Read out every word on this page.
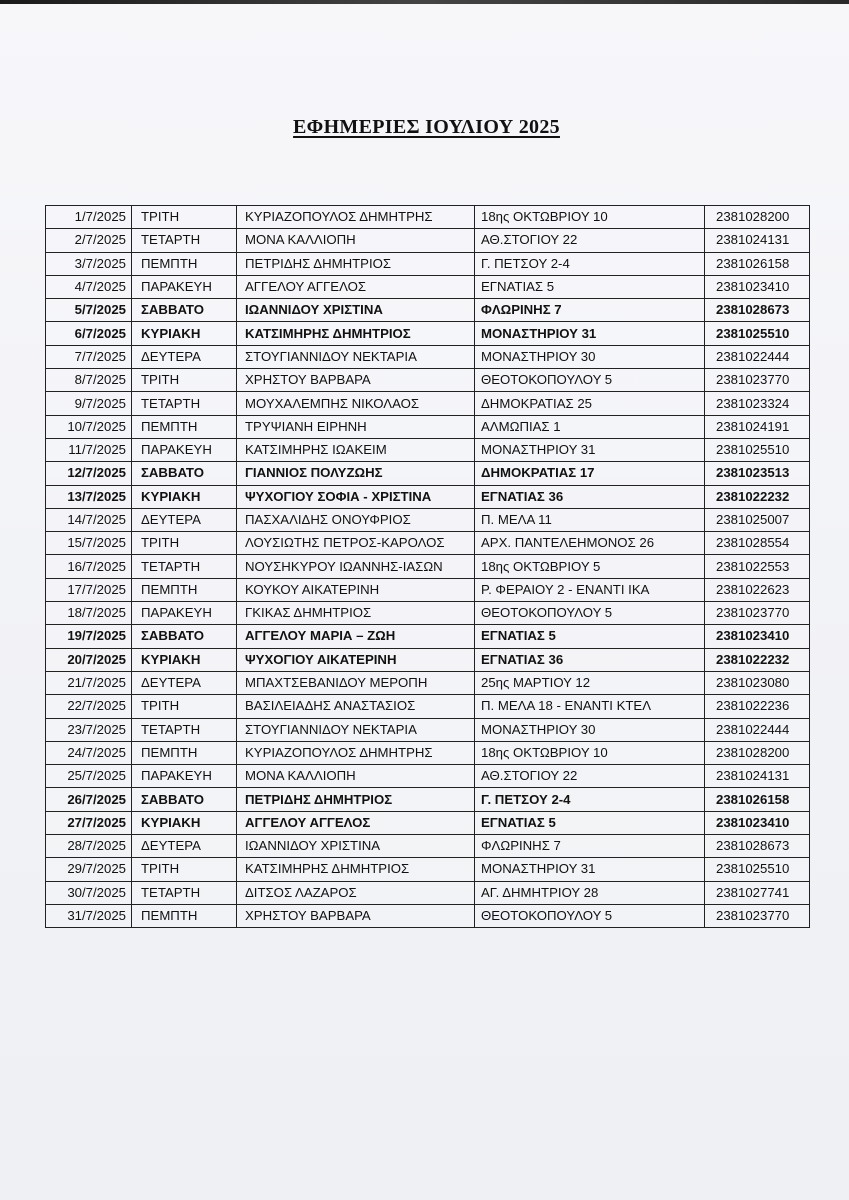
ΕΦΗΜΕΡΙΕΣ ΙΟΥΛΙΟΥ 2025
1/7/2025	ΤΡΙΤΗ	ΚΥΡΙΑΖΟΠΟΥΛΟΣ ΔΗΜΗΤΡΗΣ	18ης ΟΚΤΩΒΡΙΟΥ 10	2381028200
2/7/2025	ΤΕΤΑΡΤΗ	ΜΟΝΑ ΚΑΛΛΙΟΠΗ	ΑΘ.ΣΤΟΓΙΟΥ 22	2381024131
3/7/2025	ΠΕΜΠΤΗ	ΠΕΤΡΙΔΗΣ ΔΗΜΗΤΡΙΟΣ	Γ. ΠΕΤΣΟΥ 2-4	2381026158
4/7/2025	ΠΑΡΑΚΕΥΗ	ΑΓΓΕΛΟΥ ΑΓΓΕΛΟΣ	ΕΓΝΑΤΙΑΣ 5	2381023410
5/7/2025	ΣΑΒΒΑΤΟ	ΙΩΑΝΝΙΔΟΥ ΧΡΙΣΤΙΝΑ	ΦΛΩΡΙΝΗΣ 7	2381028673
6/7/2025	ΚΥΡΙΑΚΗ	ΚΑΤΣΙΜΗΡΗΣ ΔΗΜΗΤΡΙΟΣ	ΜΟΝΑΣΤΗΡΙΟΥ 31	2381025510
7/7/2025	ΔΕΥΤΕΡΑ	ΣΤΟΥΓΙΑΝΝΙΔΟΥ ΝΕΚΤΑΡΙΑ	ΜΟΝΑΣΤΗΡΙΟΥ 30	2381022444
8/7/2025	ΤΡΙΤΗ	ΧΡΗΣΤΟΥ ΒΑΡΒΑΡΑ	ΘΕΟΤΟΚΟΠΟΥΛΟΥ 5	2381023770
9/7/2025	ΤΕΤΑΡΤΗ	ΜΟΥΧΑΛΕΜΠΗΣ ΝΙΚΟΛΑΟΣ	ΔΗΜΟΚΡΑΤΙΑΣ 25	2381023324
10/7/2025	ΠΕΜΠΤΗ	ΤΡΥΨΙΑΝΗ ΕΙΡΗΝΗ	ΑΛΜΩΠΙΑΣ 1	2381024191
11/7/2025	ΠΑΡΑΚΕΥΗ	ΚΑΤΣΙΜΗΡΗΣ ΙΩΑΚΕΙΜ	ΜΟΝΑΣΤΗΡΙΟΥ 31	2381025510
12/7/2025	ΣΑΒΒΑΤΟ	ΓΙΑΝΝΙΟΣ ΠΟΛΥΖΩΗΣ	ΔΗΜΟΚΡΑΤΙΑΣ 17	2381023513
13/7/2025	ΚΥΡΙΑΚΗ	ΨΥΧΟΓΙΟΥ ΣΟΦΙΑ - ΧΡΙΣΤΙΝΑ	ΕΓΝΑΤΙΑΣ 36	2381022232
14/7/2025	ΔΕΥΤΕΡΑ	ΠΑΣΧΑΛΙΔΗΣ ΟΝΟΥΦΡΙΟΣ	Π. ΜΕΛΑ 11	2381025007
15/7/2025	ΤΡΙΤΗ	ΛΟΥΣΙΩΤΗΣ ΠΕΤΡΟΣ-ΚΑΡΟΛΟΣ	ΑΡΧ. ΠΑΝΤΕΛΕΗΜΟΝΟΣ 26	2381028554
16/7/2025	ΤΕΤΑΡΤΗ	ΝΟΥΣΗΚΥΡΟΥ ΙΩΑΝΝΗΣ-ΙΑΣΩΝ	18ης ΟΚΤΩΒΡΙΟΥ 5	2381022553
17/7/2025	ΠΕΜΠΤΗ	ΚΟΥΚΟΥ ΑΙΚΑΤΕΡΙΝΗ	Ρ. ΦΕΡΑΙΟΥ 2 - ΕΝΑΝΤΙ ΙΚΑ	2381022623
18/7/2025	ΠΑΡΑΚΕΥΗ	ΓΚΙΚΑΣ ΔΗΜΗΤΡΙΟΣ	ΘΕΟΤΟΚΟΠΟΥΛΟΥ 5	2381023770
19/7/2025	ΣΑΒΒΑΤΟ	ΑΓΓΕΛΟΥ ΜΑΡΙΑ – ΖΩΗ	ΕΓΝΑΤΙΑΣ 5	2381023410
20/7/2025	ΚΥΡΙΑΚΗ	ΨΥΧΟΓΙΟΥ ΑΙΚΑΤΕΡΙΝΗ	ΕΓΝΑΤΙΑΣ 36	2381022232
21/7/2025	ΔΕΥΤΕΡΑ	ΜΠΑΧΤΣΕΒΑΝΙΔΟΥ ΜΕΡΟΠΗ	25ης ΜΑΡΤΙΟΥ 12	2381023080
22/7/2025	ΤΡΙΤΗ	ΒΑΣΙΛΕΙΑΔΗΣ ΑΝΑΣΤΑΣΙΟΣ	Π. ΜΕΛΑ 18 - ΕΝΑΝΤΙ ΚΤΕΛ	2381022236
23/7/2025	ΤΕΤΑΡΤΗ	ΣΤΟΥΓΙΑΝΝΙΔΟΥ ΝΕΚΤΑΡΙΑ	ΜΟΝΑΣΤΗΡΙΟΥ 30	2381022444
24/7/2025	ΠΕΜΠΤΗ	ΚΥΡΙΑΖΟΠΟΥΛΟΣ ΔΗΜΗΤΡΗΣ	18ης ΟΚΤΩΒΡΙΟΥ 10	2381028200
25/7/2025	ΠΑΡΑΚΕΥΗ	ΜΟΝΑ ΚΑΛΛΙΟΠΗ	ΑΘ.ΣΤΟΓΙΟΥ 22	2381024131
26/7/2025	ΣΑΒΒΑΤΟ	ΠΕΤΡΙΔΗΣ ΔΗΜΗΤΡΙΟΣ	Γ. ΠΕΤΣΟΥ 2-4	2381026158
27/7/2025	ΚΥΡΙΑΚΗ	ΑΓΓΕΛΟΥ ΑΓΓΕΛΟΣ	ΕΓΝΑΤΙΑΣ 5	2381023410
28/7/2025	ΔΕΥΤΕΡΑ	ΙΩΑΝΝΙΔΟΥ ΧΡΙΣΤΙΝΑ	ΦΛΩΡΙΝΗΣ 7	2381028673
29/7/2025	ΤΡΙΤΗ	ΚΑΤΣΙΜΗΡΗΣ ΔΗΜΗΤΡΙΟΣ	ΜΟΝΑΣΤΗΡΙΟΥ 31	2381025510
30/7/2025	ΤΕΤΑΡΤΗ	ΔΙΤΣΟΣ ΛΑΖΑΡΟΣ	ΑΓ. ΔΗΜΗΤΡΙΟΥ 28	2381027741
31/7/2025	ΠΕΜΠΤΗ	ΧΡΗΣΤΟΥ ΒΑΡΒΑΡΑ	ΘΕΟΤΟΚΟΠΟΥΛΟΥ 5	2381023770
